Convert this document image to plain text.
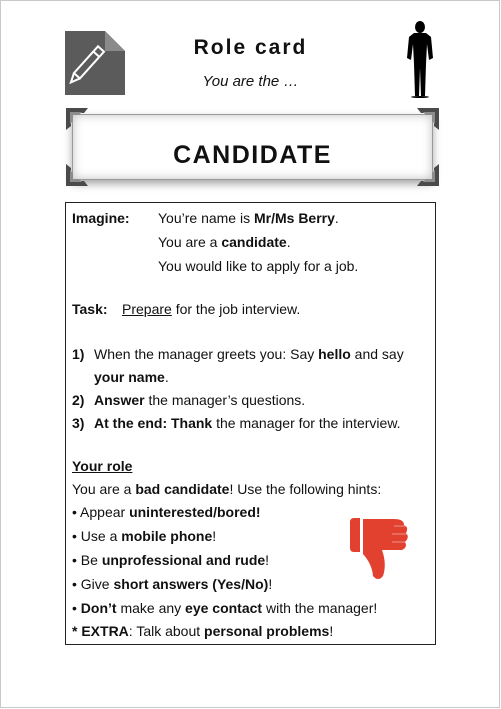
Role card
You are the …
CANDIDATE
Imagine: You’re name is Mr/Ms Berry.
You are a candidate.
You would like to apply for a job.
Task: Prepare for the job interview.
1) When the manager greets you: Say hello and say
your name.
2) Answer the manager’s questions.
3) At the end: Thank the manager for the interview.
Your role
You are a bad candidate! Use the following hints:
• Appear uninterested/bored!
• Use a mobile phone!
• Be unprofessional and rude!
• Give short answers (Yes/No)!
• Don’t make any eye contact with the manager!
* EXTRA: Talk about personal problems!
